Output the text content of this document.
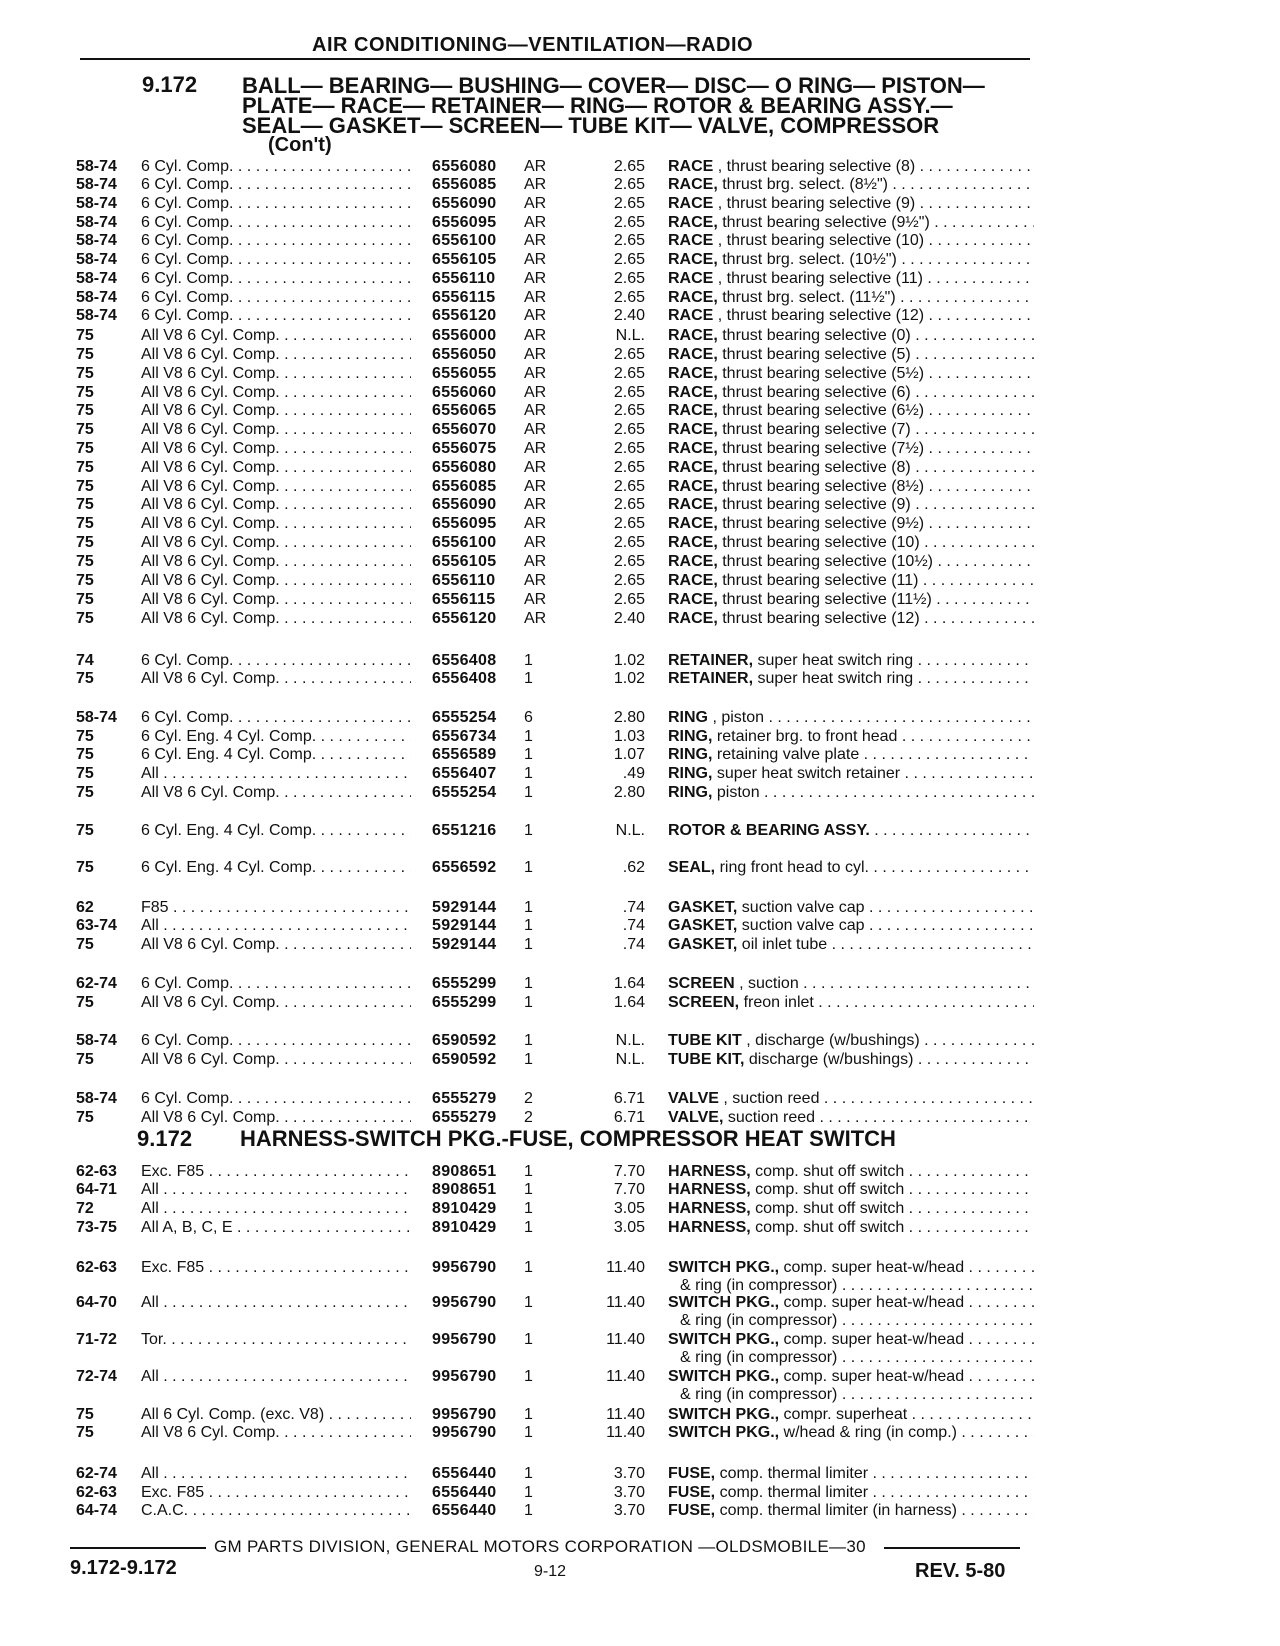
AIR CONDITIONING—VENTILATION—RADIO
9.172 BALL— BEARING— BUSHING— COVER— DISC— O RING— PISTON—
PLATE— RACE— RETAINER— RING— ROTOR & BEARING ASSY.—
SEAL— GASKET— SCREEN— TUBE KIT— VALVE, COMPRESSOR
(Con't)
9.172 HARNESS-SWITCH PKG.-FUSE, COMPRESSOR HEAT SWITCH
58-74 6 Cyl. Comp. . . .	6556080 AR	2.65 RACE , thrust bearing selective (8) . . .
58-74 6 Cyl. Comp. . . .	6556085 AR	2.65 RACE, thrust brg. select. (8½") . . .
58-74 6 Cyl. Comp. . . .	6556090 AR	2.65 RACE , thrust bearing selective (9) . . .
58-74 6 Cyl. Comp. . . .	6556095 AR	2.65 RACE, thrust bearing selective (9½") . . .
58-74 6 Cyl. Comp. . . .	6556100 AR	2.65 RACE , thrust bearing selective (10) . . .
58-74 6 Cyl. Comp. . . .	6556105 AR	2.65 RACE, thrust brg. select. (10½") . . .
58-74 6 Cyl. Comp. . . .	6556110 AR	2.65 RACE , thrust bearing selective (11) . . .
58-74 6 Cyl. Comp. . . .	6556115 AR	2.65 RACE, thrust brg. select. (11½") . . .
58-74 6 Cyl. Comp. . . .	6556120 AR	2.40 RACE , thrust bearing selective (12) . . .
75	All V8 6 Cyl. Comp. . . .	6556000 AR	N.L. RACE, thrust bearing selective (0) . . .
75	All V8 6 Cyl. Comp. . . .	6556050 AR	2.65 RACE, thrust bearing selective (5) . . .
75	All V8 6 Cyl. Comp. . . .	6556055 AR	2.65 RACE, thrust bearing selective (5½) . . .
75	All V8 6 Cyl. Comp. . . .	6556060 AR	2.65 RACE, thrust bearing selective (6) . . .
75	All V8 6 Cyl. Comp. . . .	6556065 AR	2.65 RACE, thrust bearing selective (6½) . . .
75	All V8 6 Cyl. Comp. . . .	6556070 AR	2.65 RACE, thrust bearing selective (7) . . .
75	All V8 6 Cyl. Comp. . . .	6556075 AR	2.65 RACE, thrust bearing selective (7½) . . .
75	All V8 6 Cyl. Comp. . . .	6556080 AR	2.65 RACE, thrust bearing selective (8) . . .
75	All V8 6 Cyl. Comp. . . .	6556085 AR	2.65 RACE, thrust bearing selective (8½) . . .
75	All V8 6 Cyl. Comp. . . .	6556090 AR	2.65 RACE, thrust bearing selective (9) . . .
75	All V8 6 Cyl. Comp. . . .	6556095 AR	2.65 RACE, thrust bearing selective (9½) . . .
75	All V8 6 Cyl. Comp. . . .	6556100 AR	2.65 RACE, thrust bearing selective (10) . . .
75	All V8 6 Cyl. Comp. . . .	6556105 AR	2.65 RACE, thrust bearing selective (10½) . . .
75	All V8 6 Cyl. Comp. . . .	6556110 AR	2.65 RACE, thrust bearing selective (11) . . .
75	All V8 6 Cyl. Comp. . . .	6556115 AR	2.65 RACE, thrust bearing selective (11½) . . .
75	All V8 6 Cyl. Comp. . . .	6556120 AR	2.40 RACE, thrust bearing selective (12) . . .
74	6 Cyl. Comp. . . .	6556408 1	1.02 RETAINER, super heat switch ring . . .
75	All V8 6 Cyl. Comp. . . .	6556408 1	1.02 RETAINER, super heat switch ring . . .
58-74 6 Cyl. Comp. . . .	6555254 6	2.80 RING , piston . . .
75	6 Cyl. Eng. 4 Cyl. Comp. . . .	6556734 1	1.03 RING, retainer brg. to front head . . .
75	6 Cyl. Eng. 4 Cyl. Comp. . . .	6556589 1	1.07 RING, retaining valve plate . . .
75	All . . .	6556407 1	.49 RING, super heat switch retainer . . .
75	All V8 6 Cyl. Comp. . . .	6555254 1	2.80 RING, piston . . .
75	6 Cyl. Eng. 4 Cyl. Comp. . . .	6551216 1	N.L. ROTOR & BEARING ASSY. . . .
75	6 Cyl. Eng. 4 Cyl. Comp. . . .	6556592 1	.62 SEAL, ring front head to cyl. . . .
62	F85 . . .	5929144 1	.74 GASKET, suction valve cap . . .
63-74 All . . .	5929144 1	.74 GASKET, suction valve cap . . .
75	All V8 6 Cyl. Comp. . . .	5929144 1	.74 GASKET, oil inlet tube . . .
62-74 6 Cyl. Comp. . . .	6555299 1	1.64 SCREEN , suction . . .
75	All V8 6 Cyl. Comp. . . .	6555299 1	1.64 SCREEN, freon inlet . . .
58-74 6 Cyl. Comp. . . .	6590592 1	N.L. TUBE KIT , discharge (w/bushings) . . .
75	All V8 6 Cyl. Comp. . . .	6590592 1	N.L. TUBE KIT, discharge (w/bushings) . . .
58-74 6 Cyl. Comp. . . .	6555279 2	6.71 VALVE , suction reed . . .
75	All V8 6 Cyl. Comp. . . .	6555279 2	6.71 VALVE, suction reed . . .
62-63 Exc. F85 . . .	8908651 1	7.70 HARNESS, comp. shut off switch . . .
64-71 All . . .	8908651 1	7.70 HARNESS, comp. shut off switch . . .
72	All . . .	8910429 1	3.05 HARNESS, comp. shut off switch . . .
73-75 All A, B, C, E . . .	8910429 1	3.05 HARNESS, comp. shut off switch . . .
62-63 Exc. F85 . . .	9956790 1	11.40 SWITCH PKG., comp. super heat-w/head . . .
& ring (in compressor) . . .
64-70 All . . .	9956790 1	11.40 SWITCH PKG., comp. super heat-w/head . . .
& ring (in compressor) . . .
71-72 Tor. . . .	9956790 1	11.40 SWITCH PKG., comp. super heat-w/head . . .
& ring (in compressor) . . .
72-74 All . . .	9956790 1	11.40 SWITCH PKG., comp. super heat-w/head . . .
& ring (in compressor) . . .
75	All 6 Cyl. Comp. (exc. V8) . . .	9956790 1	11.40 SWITCH PKG., compr. superheat . . .
75	All V8 6 Cyl. Comp. . . .	9956790 1	11.40 SWITCH PKG., w/head & ring (in comp.) . . .
62-74 All . . .	6556440 1	3.70 FUSE, comp. thermal limiter . . .
62-63 Exc. F85 . . .	6556440 1	3.70 FUSE, comp. thermal limiter . . .
64-74 C.A.C. . . .	6556440 1	3.70 FUSE, comp. thermal limiter (in harness) . . .
GM PARTS DIVISION, GENERAL MOTORS CORPORATION —OLDSMOBILE—30
9.172-9.172	9-12	REV. 5-80
